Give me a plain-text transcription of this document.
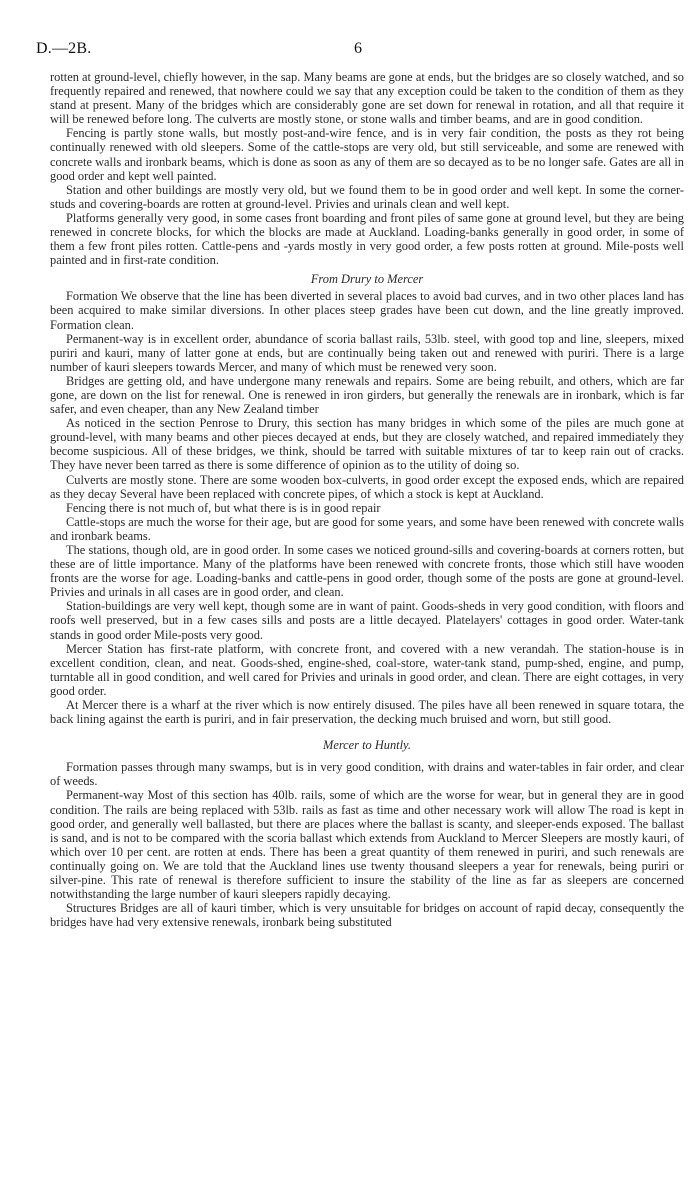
D.—2B.	6

rotten at ground-level, chiefly however, in the sap. Many beams are gone at ends, but the bridges are so closely watched, and so frequently repaired and renewed, that nowhere could we say that any exception could be taken to the condition of them as they stand at present. Many of the bridges which are considerably gone are set down for renewal in rotation, and all that require it will be renewed before long. The culverts are mostly stone, or stone walls and timber beams, and are in good condition.

Fencing is partly stone walls, but mostly post-and-wire fence, and is in very fair condition, the posts as they rot being continually renewed with old sleepers. Some of the cattle-stops are very old, but still serviceable, and some are renewed with concrete walls and ironbark beams, which is done as soon as any of them are so decayed as to be no longer safe. Gates are all in good order and kept well painted.

Station and other buildings are mostly very old, but we found them to be in good order and well kept. In some the corner-studs and covering-boards are rotten at ground-level. Privies and urinals clean and well kept.

Platforms generally very good, in some cases front boarding and front piles of same gone at ground level, but they are being renewed in concrete blocks, for which the blocks are made at Auckland. Loading-banks generally in good order, in some of them a few front piles rotten. Cattle-pens and -yards mostly in very good order, a few posts rotten at ground. Mile-posts well painted and in first-rate condition.

From Drury to Mercer

Formation We observe that the line has been diverted in several places to avoid bad curves, and in two other places land has been acquired to make similar diversions. In other places steep grades have been cut down, and the line greatly improved. Formation clean.

Permanent-way is in excellent order, abundance of scoria ballast rails, 53lb. steel, with good top and line, sleepers, mixed puriri and kauri, many of latter gone at ends, but are continually being taken out and renewed with puriri. There is a large number of kauri sleepers towards Mercer, and many of which must be renewed very soon.

Bridges are getting old, and have undergone many renewals and repairs. Some are being rebuilt, and others, which are far gone, are down on the list for renewal. One is renewed in iron girders, but generally the renewals are in ironbark, which is far safer, and even cheaper, than any New Zealand timber

As noticed in the section Penrose to Drury, this section has many bridges in which some of the piles are much gone at ground-level, with many beams and other pieces decayed at ends, but they are closely watched, and repaired immediately they become suspicious. All of these bridges, we think, should be tarred with suitable mixtures of tar to keep rain out of cracks. They have never been tarred as there is some difference of opinion as to the utility of doing so.

Culverts are mostly stone. There are some wooden box-culverts, in good order except the exposed ends, which are repaired as they decay Several have been replaced with concrete pipes, of which a stock is kept at Auckland.

Fencing there is not much of, but what there is is in good repair

Cattle-stops are much the worse for their age, but are good for some years, and some have been renewed with concrete walls and ironbark beams.

The stations, though old, are in good order. In some cases we noticed ground-sills and covering-boards at corners rotten, but these are of little importance. Many of the platforms have been renewed with concrete fronts, those which still have wooden fronts are the worse for age. Loading-banks and cattle-pens in good order, though some of the posts are gone at ground-level. Privies and urinals in all cases are in good order, and clean.

Station-buildings are very well kept, though some are in want of paint. Goods-sheds in very good condition, with floors and roofs well preserved, but in a few cases sills and posts are a little decayed. Platelayers' cottages in good order. Water-tank stands in good order Mile-posts very good.

Mercer Station has first-rate platform, with concrete front, and covered with a new verandah. The station-house is in excellent condition, clean, and neat. Goods-shed, engine-shed, coal-store, water-tank stand, pump-shed, engine, and pump, turntable all in good condition, and well cared for Privies and urinals in good order, and clean. There are eight cottages, in very good order.

At Mercer there is a wharf at the river which is now entirely disused. The piles have all been renewed in square totara, the back lining against the earth is puriri, and in fair preservation, the decking much bruised and worn, but still good.

Mercer to Huntly.

Formation passes through many swamps, but is in very good condition, with drains and water-tables in fair order, and clear of weeds.

Permanent-way Most of this section has 40lb. rails, some of which are the worse for wear, but in general they are in good condition. The rails are being replaced with 53lb. rails as fast as time and other necessary work will allow The road is kept in good order, and generally well ballasted, but there are places where the ballast is scanty, and sleeper-ends exposed. The ballast is sand, and is not to be compared with the scoria ballast which extends from Auckland to Mercer Sleepers are mostly kauri, of which over 10 per cent. are rotten at ends. There has been a great quantity of them renewed in puriri, and such renewals are continually going on. We are told that the Auckland lines use twenty thousand sleepers a year for renewals, being puriri or silver-pine. This rate of renewal is therefore sufficient to insure the stability of the line as far as sleepers are concerned notwithstanding the large number of kauri sleepers rapidly decaying.

Structures Bridges are all of kauri timber, which is very unsuitable for bridges on account of rapid decay, consequently the bridges have had very extensive renewals, ironbark being substituted
